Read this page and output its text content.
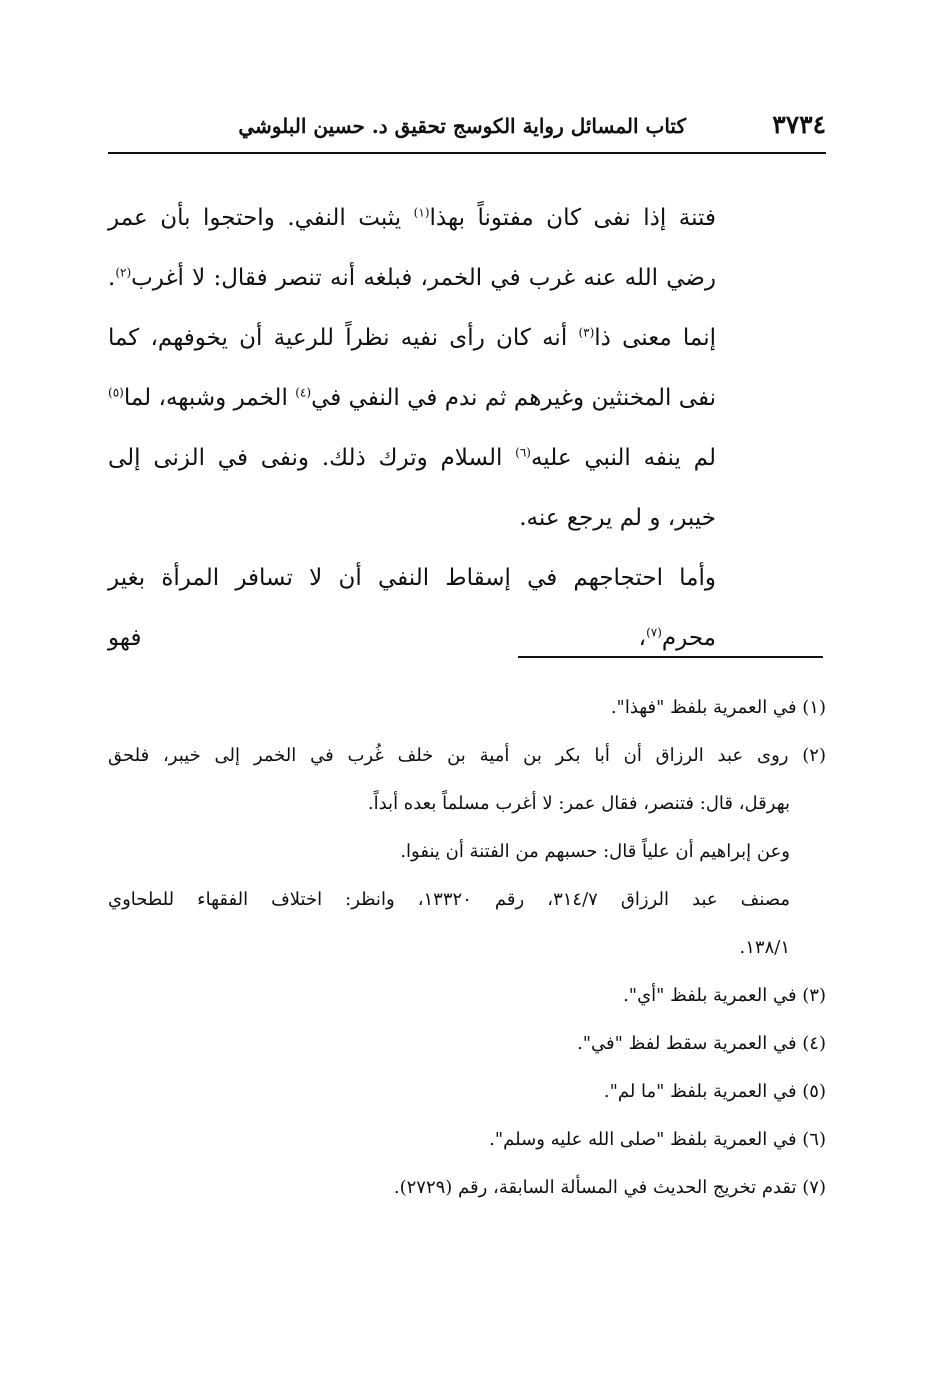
٣٧٣٤
كتاب المسائل رواية الكوسج تحقيق د. حسين البلوشي

فتنة إذا نفى كان مفتوناً بهذا$^{(١)}$ يثبت النفي. واحتجوا بأن عمر رضي الله عنه غرب في الخمر، فبلغه أنه تنصر فقال: لا أغرب$^{(٢)}$. إنما معنى ذا$^{(٣)}$ أنه كان رأى نفيه نظراً للرعية أن يخوفهم، كما نفى المخنثين وغيرهم ثم ندم في النفي في$^{(٤)}$ الخمر وشبهه، لما$^{(٥)}$ لم ينفه النبي عليه$^{(٦)}$ السلام وترك ذلك. ونفى في الزنى إلى خيبر، و لم يرجع عنه.

وأما احتجاجهم في إسقاط النفي أن لا تسافر المرأة بغير محرم$^{(٧)}$، فهو

(١) في العمرية بلفظ "فهذا".

(٢) روى عبد الرزاق أن أبا بكر بن أمية بن خلف غُرب في الخمر إلى خيبر، فلحق

بهرقل، قال: فتنصر، فقال عمر: لا أغرب مسلماً بعده أبداً.

وعن إبراهيم أن علياً قال: حسبهم من الفتنة أن ينفوا.

مصنف عبد الرزاق ٣١٤/٧، رقم ١٣٣٢٠، وانظر: اختلاف الفقهاء للطحاوي

١٣٨/١.

(٣) في العمرية بلفظ "أي".

(٤) في العمرية سقط لفظ "في".

(٥) في العمرية بلفظ "ما لم".

(٦) في العمرية بلفظ "صلى الله عليه وسلم".

(٧) تقدم تخريج الحديث في المسألة السابقة، رقم (٢٧٢٩).
